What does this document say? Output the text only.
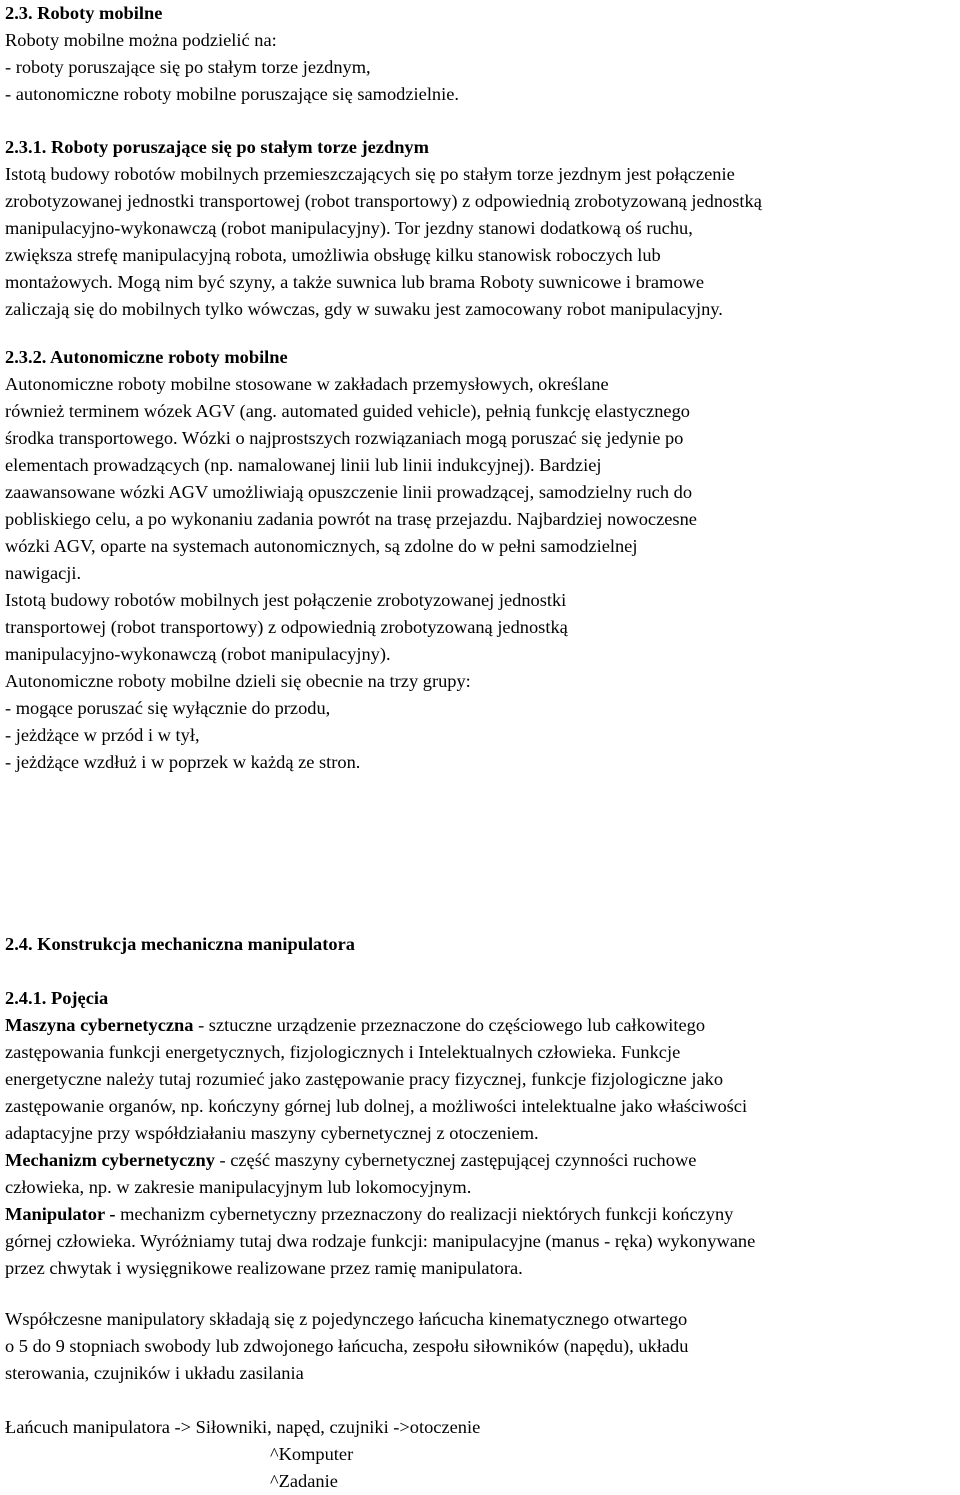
2.3. Roboty mobilne

Roboty mobilne można podzielić na:

- roboty poruszające się po stałym torze jezdnym,

- autonomiczne roboty mobilne poruszające się samodzielnie.

2.3.1. Roboty poruszające się po stałym torze jezdnym

Istotą budowy robotów mobilnych przemieszczających się po stałym torze jezdnym jest połączenie

zrobotyzowanej jednostki transportowej (robot transportowy) z odpowiednią zrobotyzowaną jednostką

manipulacyjno-wykonawczą (robot manipulacyjny). Tor jezdny stanowi dodatkową oś ruchu,

zwiększa strefę manipulacyjną robota, umożliwia obsługę kilku stanowisk roboczych lub

montażowych. Mogą nim być szyny, a także suwnica lub brama Roboty suwnicowe i bramowe

zaliczają się do mobilnych tylko wówczas, gdy w suwaku jest zamocowany robot manipulacyjny.

2.3.2. Autonomiczne roboty mobilne

Autonomiczne roboty mobilne stosowane w zakładach przemysłowych, określane

również terminem wózek AGV (ang. automated guided vehicle), pełnią funkcję elastycznego

środka transportowego. Wózki o najprostszych rozwiązaniach mogą poruszać się jedynie po

elementach prowadzących (np. namalowanej linii lub linii indukcyjnej). Bardziej

zaawansowane wózki AGV umożliwiają opuszczenie linii prowadzącej, samodzielny ruch do

pobliskiego celu, a po wykonaniu zadania powrót na trasę przejazdu. Najbardziej nowoczesne

wózki AGV, oparte na systemach autonomicznych, są zdolne do w pełni samodzielnej

nawigacji.

Istotą budowy robotów mobilnych jest połączenie zrobotyzowanej jednostki

transportowej (robot transportowy) z odpowiednią zrobotyzowaną jednostką

manipulacyjno-wykonawczą (robot manipulacyjny).

Autonomiczne roboty mobilne dzieli się obecnie na trzy grupy:

- mogące poruszać się wyłącznie do przodu,

- jeżdżące w przód i w tył,

- jeżdżące wzdłuż i w poprzek w każdą ze stron.

2.4. Konstrukcja mechaniczna manipulatora

2.4.1. Pojęcia

Maszyna cybernetyczna - sztuczne urządzenie przeznaczone do częściowego lub całkowitego

zastępowania funkcji energetycznych, fizjologicznych i Intelektualnych człowieka. Funkcje

energetyczne należy tutaj rozumieć jako zastępowanie pracy fizycznej, funkcje fizjologiczne jako

zastępowanie organów, np. kończyny górnej lub dolnej, a możliwości intelektualne jako właściwości

adaptacyjne przy współdziałaniu maszyny cybernetycznej z otoczeniem.

Mechanizm cybernetyczny - część maszyny cybernetycznej zastępującej czynności ruchowe

człowieka, np. w zakresie manipulacyjnym lub lokomocyjnym.

Manipulator - mechanizm cybernetyczny przeznaczony do realizacji niektórych funkcji kończyny

górnej człowieka. Wyróżniamy tutaj dwa rodzaje funkcji: manipulacyjne (manus - ręka) wykonywane

przez chwytak i wysięgnikowe realizowane przez ramię manipulatora.

Współczesne manipulatory składają się z pojedynczego łańcucha kinematycznego otwartego

o 5 do 9 stopniach swobody lub zdwojonego łańcucha, zespołu siłowników (napędu), układu

sterowania, czujników i układu zasilania

Łańcuch manipulatora -> Siłowniki, napęd, czujniki ->otoczenie

^Komputer

^Zadanie
